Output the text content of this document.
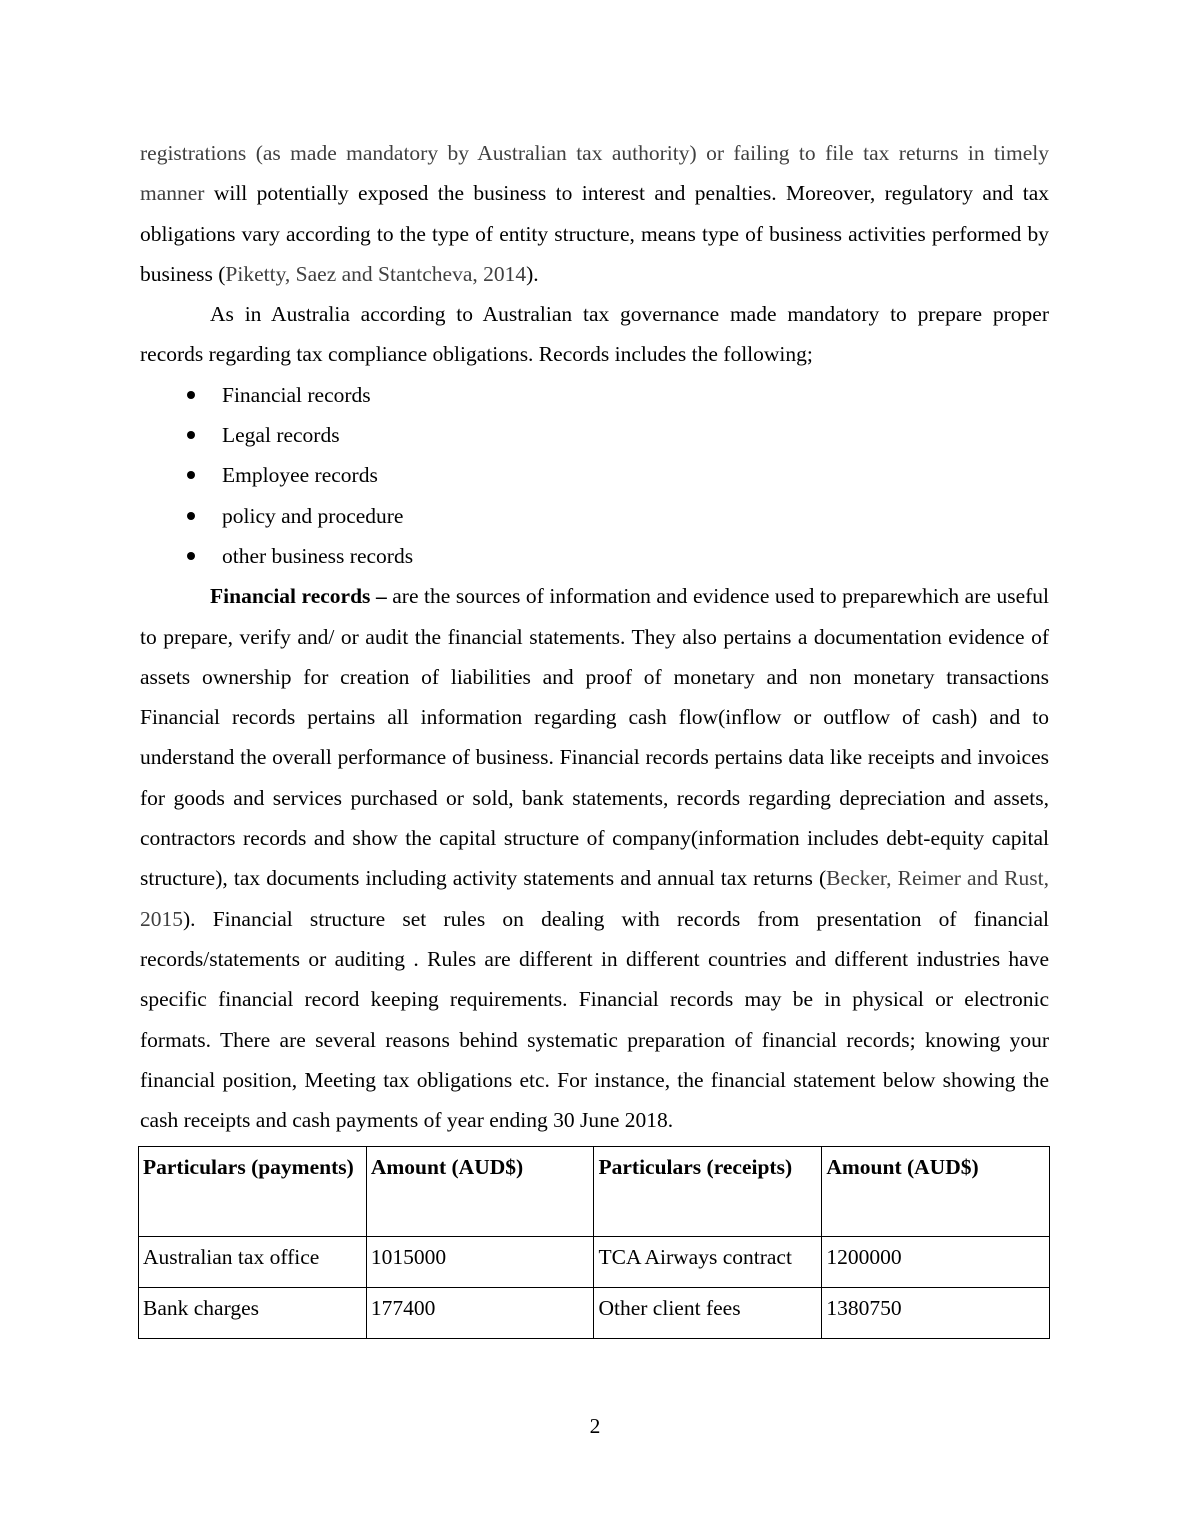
registrations (as made mandatory by Australian tax authority) or failing to file tax returns in timely manner will potentially exposed the business to interest and penalties. Moreover, regulatory and tax obligations vary according to the type of entity structure, means type of business activities performed by business (Piketty, Saez and Stantcheva, 2014).

As in Australia according to Australian tax governance made mandatory to prepare proper records regarding tax compliance obligations. Records includes the following;

Financial records
Legal records
Employee records
policy and procedure
other business records

Financial records – are the sources of information and evidence used to preparewhich are useful to prepare, verify and/ or audit the financial statements. They also pertains a documentation evidence of assets ownership for creation of liabilities and proof of monetary and non monetary transactions Financial records pertains all information regarding cash flow(inflow or outflow of cash) and to understand the overall performance of business. Financial records pertains data like receipts and invoices for goods and services purchased or sold, bank statements, records regarding depreciation and assets, contractors records and show the capital structure of company(information includes debt-equity capital structure), tax documents including activity statements and annual tax returns (Becker, Reimer and Rust, 2015). Financial structure set rules on dealing with records from presentation of financial records/statements or auditing . Rules are different in different countries and different industries have specific financial record keeping requirements. Financial records may be in physical or electronic formats. There are several reasons behind systematic preparation of financial records; knowing your financial position, Meeting tax obligations etc. For instance, the financial statement below showing the cash receipts and cash payments of year ending 30 June 2018.

Particulars (payments)	Amount (AUD$)	Particulars (receipts)	Amount (AUD$)
Australian tax office	1015000	TCA Airways contract	1200000
Bank charges	177400	Other client fees	1380750
2
